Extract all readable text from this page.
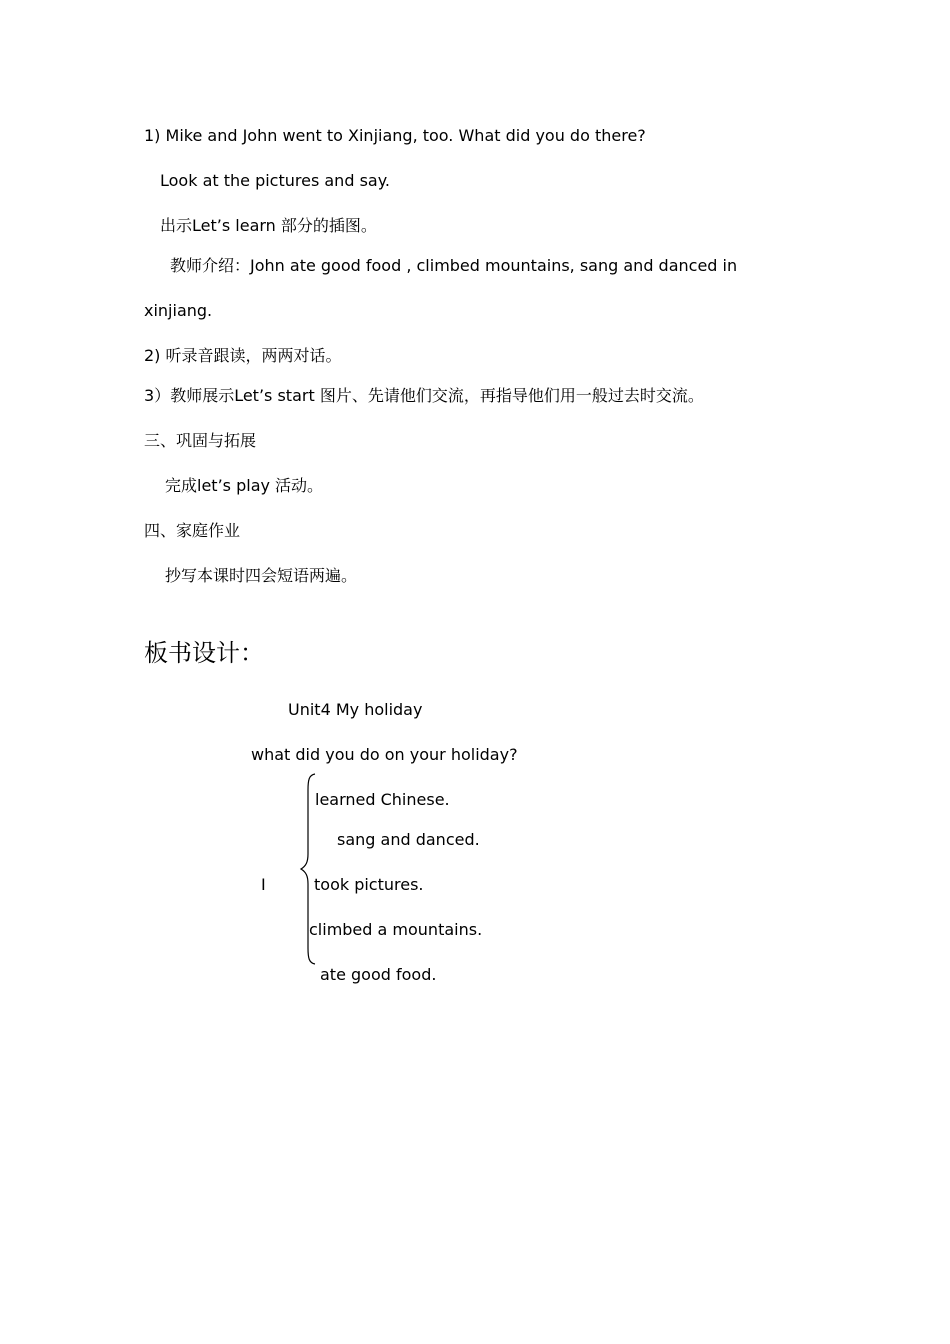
1) Mike and John went to Xinjiang, too. What did you do there?
Look at the pictures and say.
出示Let’s learn 部分的插图。
教师介绍：John ate good food , climbed mountains, sang and danced in
xinjiang.
2) 听录音跟读，两两对话。
3）教师展示Let’s start 图片、先请他们交流，再指导他们用一般过去时交流。
三、巩固与拓展
完成let’s play 活动。
四、家庭作业
抄写本课时四会短语两遍。
板书设计：
Unit4 My holiday
what did you do on your holiday?
learned Chinese.
sang and danced.
I	took pictures.
climbed a mountains.
ate good food.
